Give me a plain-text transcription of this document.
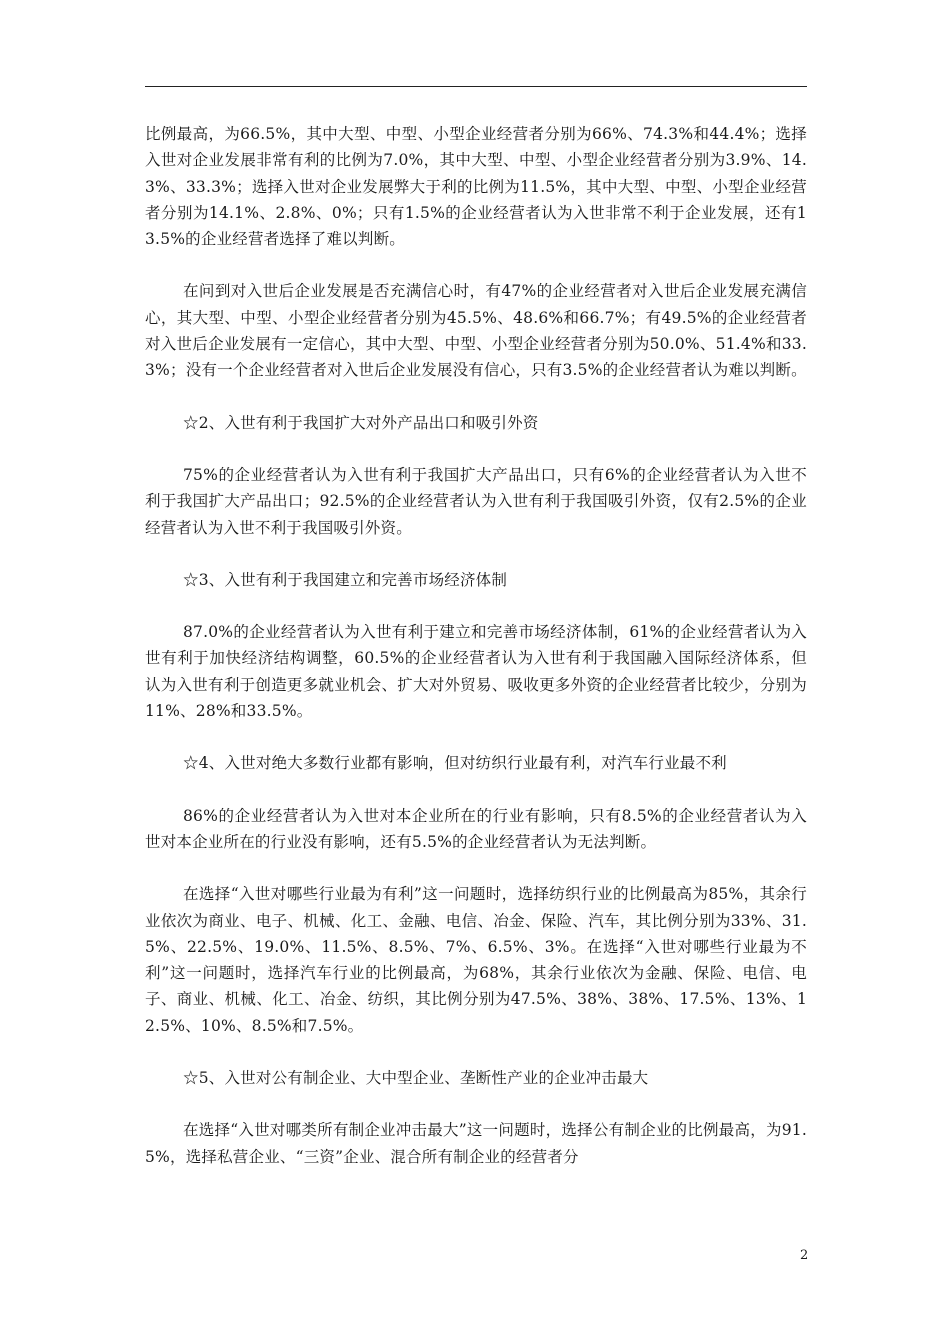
比例最高，为66.5%，其中大型、中型、小型企业经营者分别为66%、74.3%和44.4%；选择入世对企业发展非常有利的比例为7.0%，其中大型、中型、小型企业经营者分别为3.9%、14.3%、33.3%；选择入世对企业发展弊大于利的比例为11.5%，其中大型、中型、小型企业经营者分别为14.1%、2.8%、0%；只有1.5%的企业经营者认为入世非常不利于企业发展，还有13.5%的企业经营者选择了难以判断。

在问到对入世后企业发展是否充满信心时，有47%的企业经营者对入世后企业发展充满信心，其大型、中型、小型企业经营者分别为45.5%、48.6%和66.7%；有49.5%的企业经营者对入世后企业发展有一定信心，其中大型、中型、小型企业经营者分别为50.0%、51.4%和33.3%；没有一个企业经营者对入世后企业发展没有信心，只有3.5%的企业经营者认为难以判断。

☆2、入世有利于我国扩大对外产品出口和吸引外资

75%的企业经营者认为入世有利于我国扩大产品出口，只有6%的企业经营者认为入世不利于我国扩大产品出口；92.5%的企业经营者认为入世有利于我国吸引外资，仅有2.5%的企业经营者认为入世不利于我国吸引外资。

☆3、入世有利于我国建立和完善市场经济体制

87.0%的企业经营者认为入世有利于建立和完善市场经济体制，61%的企业经营者认为入世有利于加快经济结构调整，60.5%的企业经营者认为入世有利于我国融入国际经济体系，但认为入世有利于创造更多就业机会、扩大对外贸易、吸收更多外资的企业经营者比较少，分别为11%、28%和33.5%。

☆4、入世对绝大多数行业都有影响，但对纺织行业最有利，对汽车行业最不利

86%的企业经营者认为入世对本企业所在的行业有影响，只有8.5%的企业经营者认为入世对本企业所在的行业没有影响，还有5.5%的企业经营者认为无法判断。

在选择“入世对哪些行业最为有利”这一问题时，选择纺织行业的比例最高为85%，其余行业依次为商业、电子、机械、化工、金融、电信、冶金、保险、汽车，其比例分别为33%、31.5%、22.5%、19.0%、11.5%、8.5%、7%、6.5%、3%。在选择“入世对哪些行业最为不利”这一问题时，选择汽车行业的比例最高，为68%，其余行业依次为金融、保险、电信、电子、商业、机械、化工、冶金、纺织，其比例分别为47.5%、38%、38%、17.5%、13%、12.5%、10%、8.5%和7.5%。

☆5、入世对公有制企业、大中型企业、垄断性产业的企业冲击最大

在选择“入世对哪类所有制企业冲击最大”这一问题时，选择公有制企业的比例最高，为91.5%，选择私营企业、“三资”企业、混合所有制企业的经营者分

2
